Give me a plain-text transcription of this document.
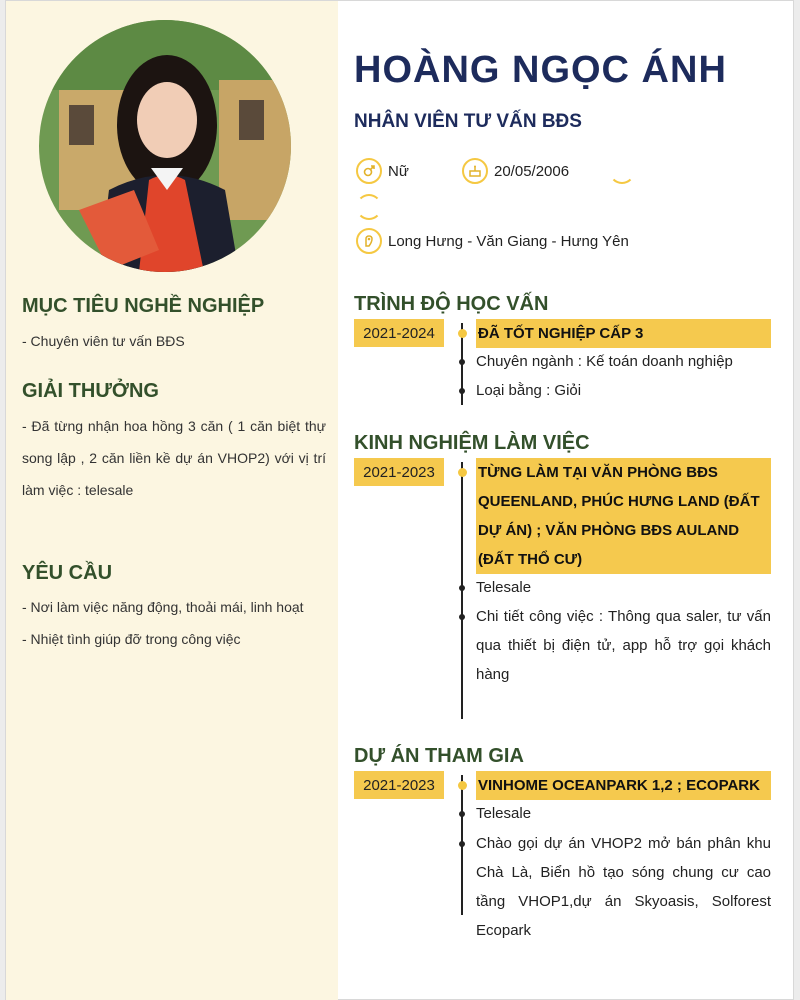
MỤC TIÊU NGHỀ NGHIỆP
- Chuyên viên tư vấn BĐS
GIẢI THƯỞNG
- Đã từng nhận hoa hồng 3 căn ( 1 căn biệt thự song lập , 2 căn liền kề dự án VHOP2) với vị trí làm việc : telesale
YÊU CẦU
- Nơi làm việc năng động, thoải mái, linh hoạt
- Nhiệt tình giúp đỡ trong công việc
HOÀNG NGỌC ÁNH
NHÂN VIÊN TƯ VẤN BĐS
Nữ	20/05/2006
Long Hưng - Văn Giang - Hưng Yên
TRÌNH ĐỘ HỌC VẤN
2021-2024	ĐÃ TỐT NGHIỆP CẤP 3
Chuyên ngành : Kế toán doanh nghiệp
Loại bằng : Giỏi
KINH NGHIỆM LÀM VIỆC
2021-2023	TỪNG LÀM TẠI VĂN PHÒNG BĐS QUEENLAND, PHÚC HƯNG LAND (ĐẤT DỰ ÁN) ; VĂN PHÒNG BĐS AULAND (ĐẤT THỔ CƯ)
Telesale
Chi tiết công việc : Thông qua saler, tư vấn qua thiết bị điện tử, app hỗ trợ gọi khách hàng
DỰ ÁN THAM GIA
2021-2023	VINHOME OCEANPARK 1,2 ; ECOPARK
Telesale
Chào gọi dự án VHOP2 mở bán phân khu Chà Là, Biển hồ tạo sóng chung cư cao tầng VHOP1,dự án Skyoasis, Solforest Ecopark
